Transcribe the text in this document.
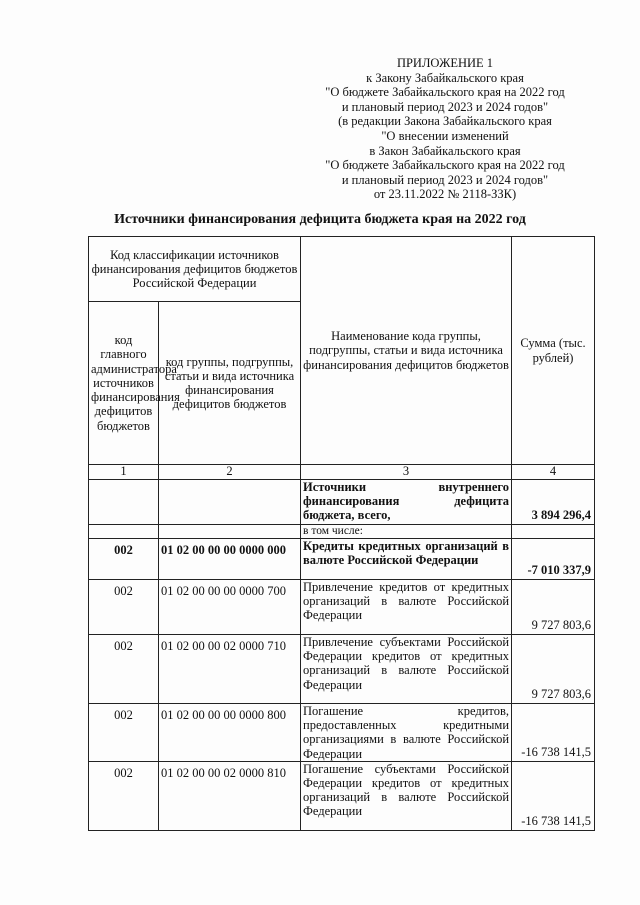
ПРИЛОЖЕНИЕ 1
к Закону Забайкальского края
"О бюджете Забайкальского края на 2022 год
и плановый период 2023 и 2024 годов"
(в редакции Закона Забайкальского края
"О внесении изменений
в Закон Забайкальского края
"О бюджете Забайкальского края на 2022 год
и плановый период 2023 и 2024 годов"
от 23.11.2022 № 2118-ЗЗК)
Источники финансирования дефицита бюджета края на 2022 год
Код классификации источников финансирования дефицитов бюджетов Российской Федерации		Наименование кода группы, подгруппы, статьи и вида источника финансирования дефицитов бюджетов	Сумма (тыс. рублей)
код главного администратора источников финансирования дефицитов бюджетов	код группы, подгруппы, статьи и вида источника финансирования дефицитов бюджетов		
1	2	3	4
		Источники внутреннего финансирования дефицита бюджета, всего,	3 894 296,4
		в том числе:	
002	01 02 00 00 00 0000 000	Кредиты кредитных организаций в валюте Российской Федерации	-7 010 337,9
002	01 02 00 00 00 0000 700	Привлечение кредитов от кредитных организаций в валюте Российской Федерации	9 727 803,6
002	01 02 00 00 02 0000 710	Привлечение субъектами Российской Федерации кредитов от кредитных организаций в валюте Российской Федерации	9 727 803,6
002	01 02 00 00 00 0000 800	Погашение кредитов, предоставленных кредитными организациями в валюте Российской Федерации	-16 738 141,5
002	01 02 00 00 02 0000 810	Погашение субъектами Российской Федерации кредитов от кредитных организаций в валюте Российской Федерации	-16 738 141,5
